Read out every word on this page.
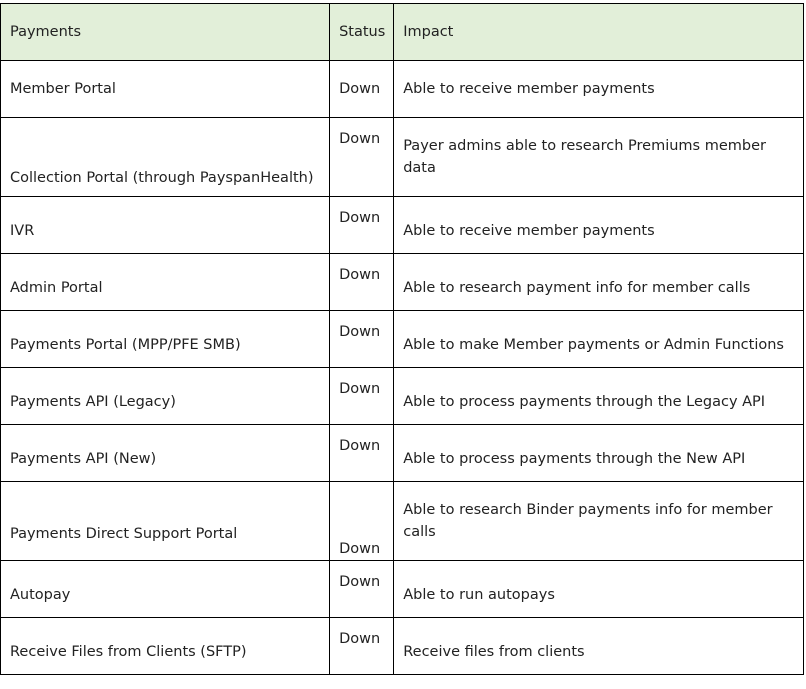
Payments	Status	Impact
Member Portal	Down	Able to receive member payments
Collection Portal (through PayspanHealth)	Down	Payer admins able to research Premiums member data
IVR	Down	Able to receive member payments
Admin Portal	Down	Able to research payment info for member calls
Payments Portal (MPP/PFE SMB)	Down	Able to make Member payments or Admin Functions
Payments API (Legacy)	Down	Able to process payments through the Legacy API
Payments API (New)	Down	Able to process payments through the New API
Payments Direct Support Portal	Down	Able to research Binder payments info for member calls
Autopay	Down	Able to run autopays
Receive Files from Clients (SFTP)	Down	Receive files from clients
